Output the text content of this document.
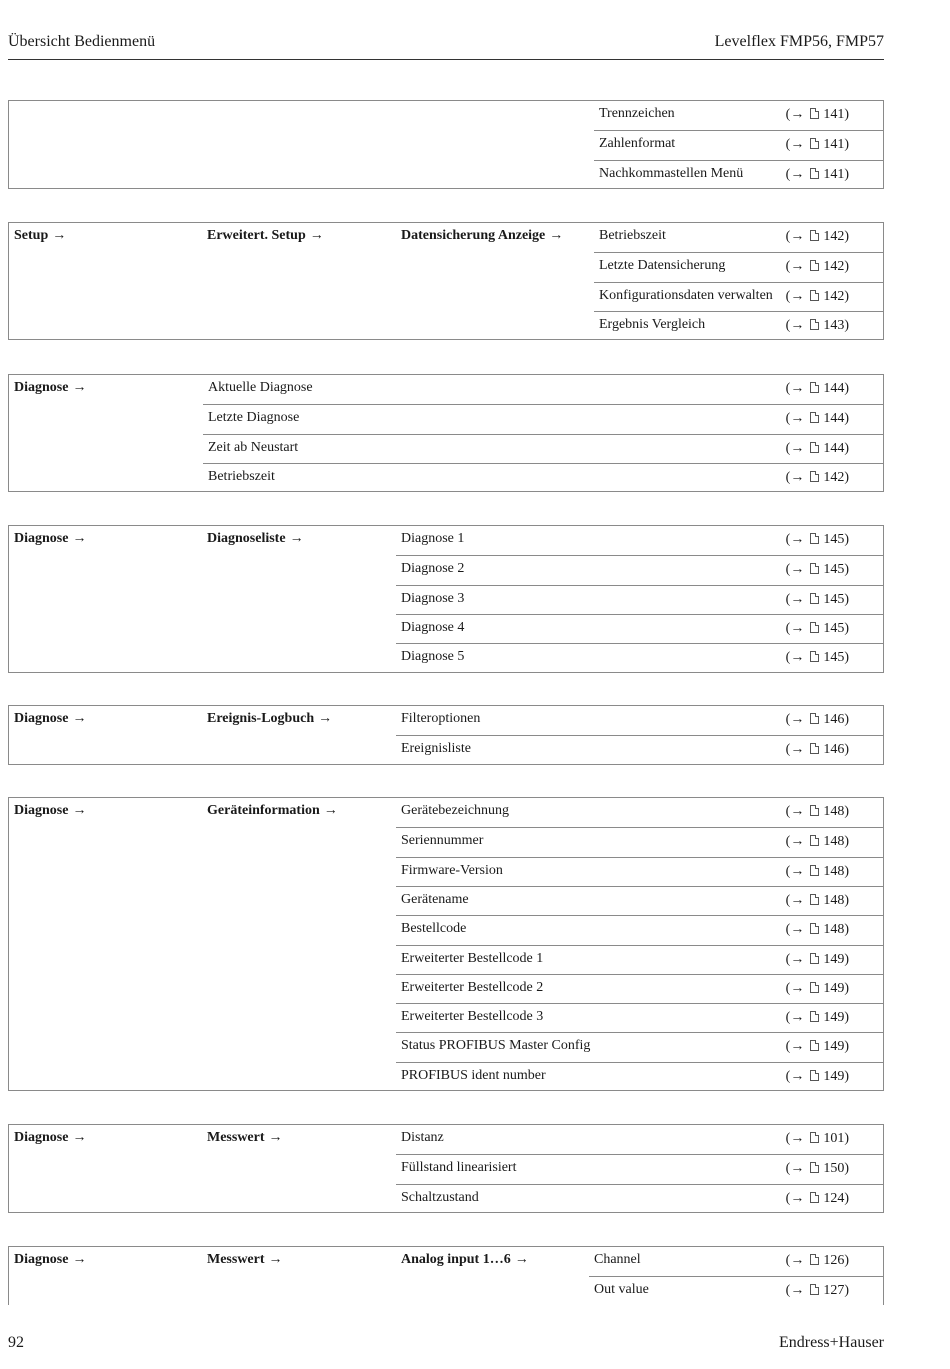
Übersicht Bedienmenü	Levelflex FMP56, FMP57
Trennzeichen	(→ 141)
Zahlenformat	(→ 141)
Nachkommastellen Menü	(→ 141)
Setup →	Erweitert. Setup →	Datensicherung Anzeige →	Betriebszeit	(→ 142)
Letzte Datensicherung	(→ 142)
Konfigurationsdaten verwalten (→ 142)
Ergebnis Vergleich	(→ 143)
Diagnose →	Aktuelle Diagnose	(→ 144)
Letzte Diagnose	(→ 144)
Zeit ab Neustart	(→ 144)
Betriebszeit	(→ 142)
Diagnose →	Diagnoseliste →	Diagnose 1	(→ 145)
Diagnose 2	(→ 145)
Diagnose 3	(→ 145)
Diagnose 4	(→ 145)
Diagnose 5	(→ 145)
Diagnose →	Ereignis-Logbuch →	Filteroptionen	(→ 146)
Ereignisliste	(→ 146)
Diagnose →	Geräteinformation →	Gerätebezeichnung	(→ 148)
Seriennummer	(→ 148)
Firmware-Version	(→ 148)
Gerätename	(→ 148)
Bestellcode	(→ 148)
Erweiterter Bestellcode 1	(→ 149)
Erweiterter Bestellcode 2	(→ 149)
Erweiterter Bestellcode 3	(→ 149)
Status PROFIBUS Master Config	(→ 149)
PROFIBUS ident number	(→ 149)
Diagnose →	Messwert →	Distanz	(→ 101)
Füllstand linearisiert	(→ 150)
Schaltzustand	(→ 124)
Diagnose →	Messwert →	Analog input 1…6 →	Channel	(→ 126)
Out value	(→ 127)
92	Endress+Hauser
